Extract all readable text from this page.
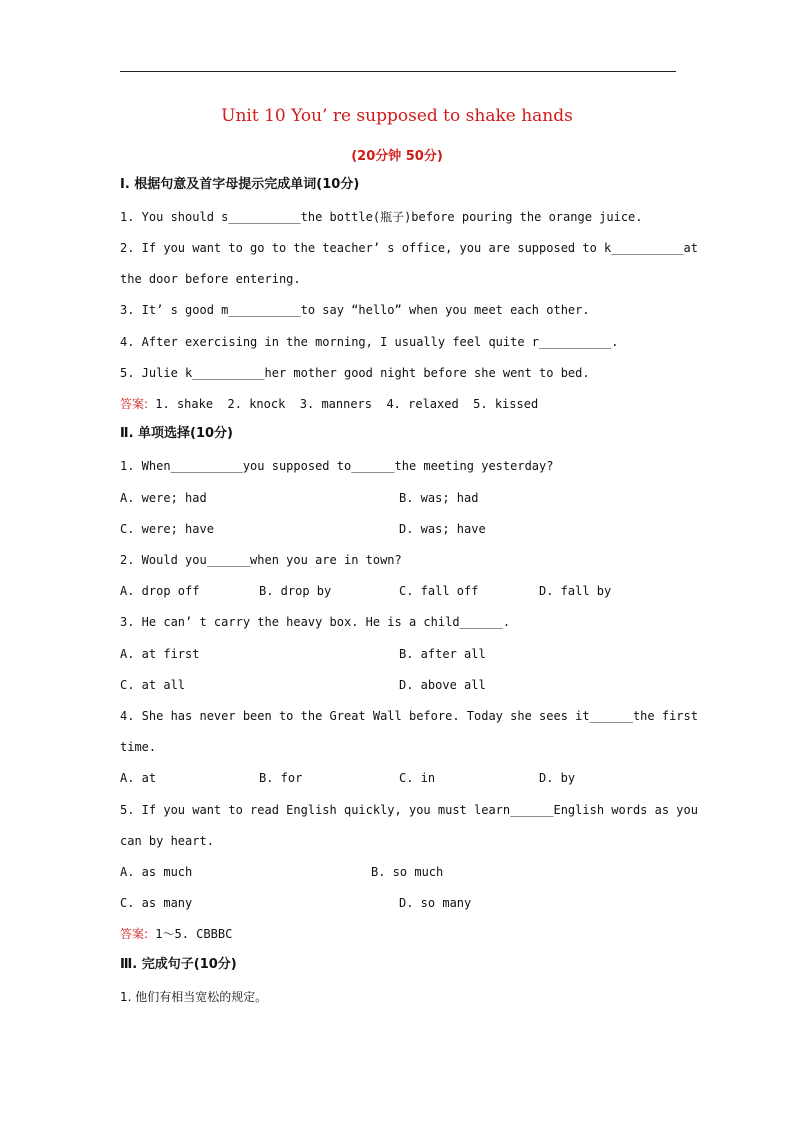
Unit 10 You’ re supposed to shake hands
(20分钟 50分)
Ⅰ. 根据句意及首字母提示完成单词(10分)
1. You should s__________the bottle(瓶子)before pouring the orange juice.
2. If you want to go to the teacher’ s office, you are supposed to k__________at
the door before entering.
3. It’ s good m__________to say “hello” when you meet each other.
4. After exercising in the morning, I usually feel quite r__________.
5. Julie k__________her mother good night before she went to bed.
答案: 1. shake  2. knock  3. manners  4. relaxed  5. kissed
Ⅱ. 单项选择(10分)
1. When__________you supposed to______the meeting yesterday?
A. were; had	B. was; had
C. were; have	D. was; have
2. Would you______when you are in town?
A. drop off	B. drop by	C. fall off	D. fall by
3. He can’ t carry the heavy box. He is a child______.
A. at first	B. after all
C. at all	D. above all
4. She has never been to the Great Wall before. Today she sees it______the first
time.
A. at	B. for	C. in	D. by
5. If you want to read English quickly, you must learn______English words as you
can by heart.
A. as much	B. so much
C. as many	D. so many
答案: 1～5. CBBBC
Ⅲ. 完成句子(10分)
1. 他们有相当宽松的规定。
